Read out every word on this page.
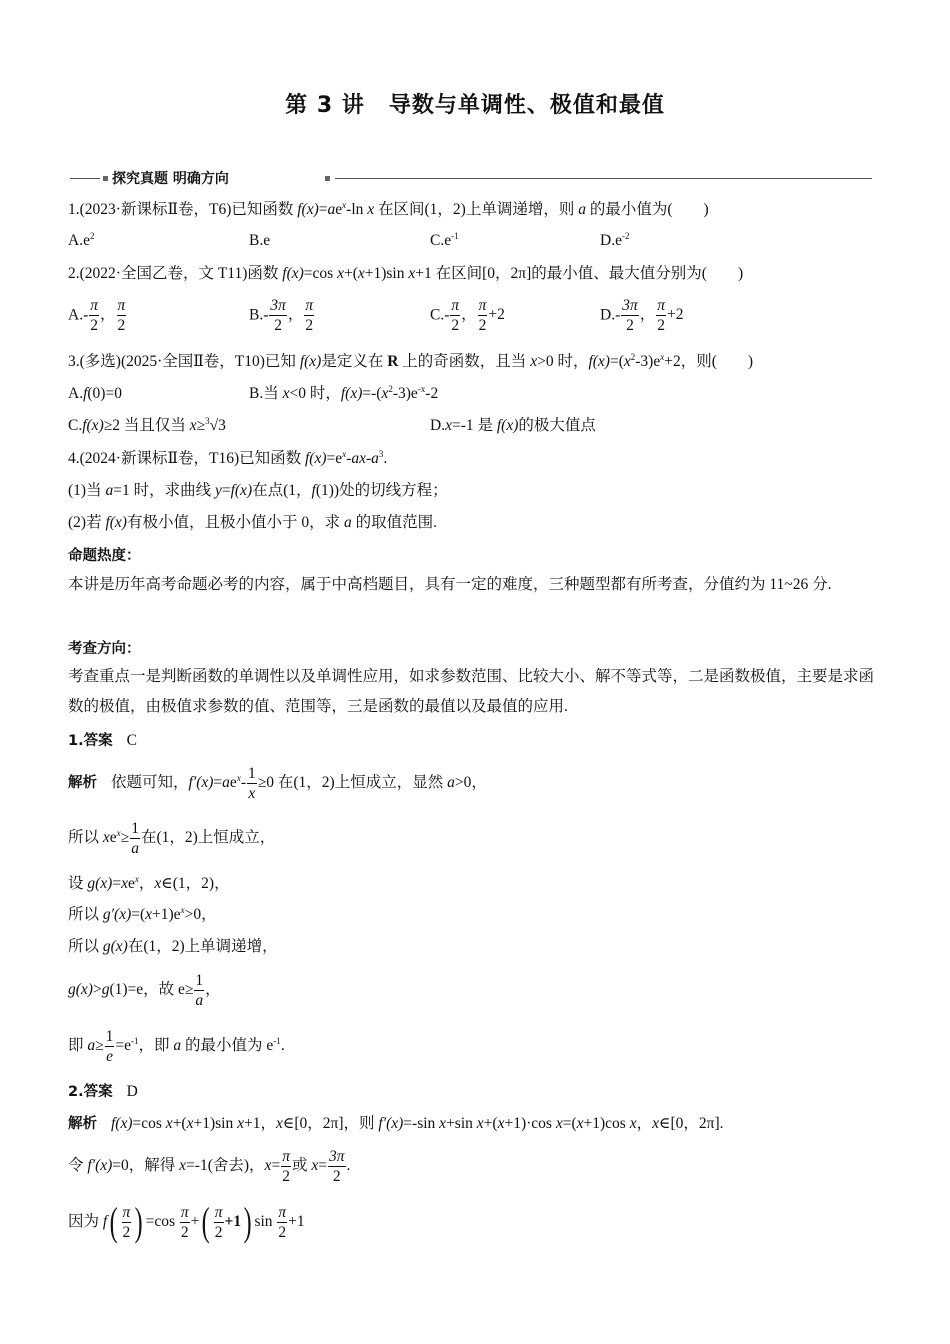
第 3 讲 导数与单调性、极值和最值
探究真题 明确方向
1.(2023·新课标Ⅱ卷，T6)已知函数 $f(x)=ae^x-\ln$ x 在区间(1，2)上单调递增，则 a 的最小值为(　　)
$A.e^2$	B.e	$C.e^{-1}$	$D.e^{-2}$
2.(2022·全国乙卷，文 T11)函数 f(x)=cos x+(x+1)sin x+1 在区间[0，2π]的最小值、最大值分别为(　　)
$A.- \frac{\pi}{2}$ ， $\frac{\pi}{2}$	$B.- \frac{3\pi}{2}$ ， $\frac{\pi}{2}$	$C.- \frac{\pi}{2}$ ， $\frac{\pi}{2} +2$	$D.- \frac{3\pi}{2}$ ， $\frac{\pi}{2} +2$
3.(多选)(2025·全国Ⅱ卷，T10)已知 f(x)是定义在 R 上的奇函数，且当 x>0 时，$f(x)=(x^2-3)e^x+2$，则(　　)
A.f(0)=0	B.当 x<0 时，$f(x)=-(x^2-3)e^{-x}-2$
C.f(x)≥2 当且仅当 x≥$^3$√3	D.x=-1 是 f(x)的极大值点
4.(2024·新课标Ⅱ卷，T16)已知函数 $f(x)=e^x-ax-a^3$.
(1)当 a=1 时，求曲线 y=f(x)在点(1，f(1))处的切线方程；
(2)若 f(x)有极小值，且极小值小于 0，求 a 的取值范围.
命题热度：
本讲是历年高考命题必考的内容，属于中高档题目，具有一定的难度，三种题型都有所考查，分值约为 11~26 分.
考查方向：
考查重点一是判断函数的单调性以及单调性应用，如求参数范围、比较大小、解不等式等，二是函数极值，主要是求函数的极值，由极值求参数的值、范围等，三是函数的最值以及最值的应用.
1.答案 C
解析 依题可知，$f'(x)=ae^x- \frac{1}{x} \ge 0$ 在(1，2)上恒成立，显然 a>0，
所以 $xe^x\ge \frac{1}{a}$ 在(1，2)上恒成立，
设 $g(x)=xe^x$，x∈(1，2)，
所以 $g'(x)=(x+1)e^x>0$，
所以 g(x)在(1，2)上单调递增，
g(x)>g(1)=e，故 $e\ge \frac{1}{a}$ ，
即 $a\ge \frac{1}{e} =e^{-1}$，即 a 的最小值为 $e^{-1}$.
2.答案 D
解析 f(x)=cos x+(x+1)sin x+1，x∈[0，2π]，则 f′(x)=-sin x+sin x+(x+1)·cos x=(x+1)cos x，x∈[0，2π].
令 f′(x)=0，解得 x=-1(舍去)，$x= \frac{\pi}{2}$ 或 $x= \frac{3\pi}{2}$ .
因为 $f( \frac{\pi}{2}$ ) $=\cos \frac{\pi}{2}$ +( $\frac{\pi}{2} +1$) $\sin \frac{\pi}{2} +1$
